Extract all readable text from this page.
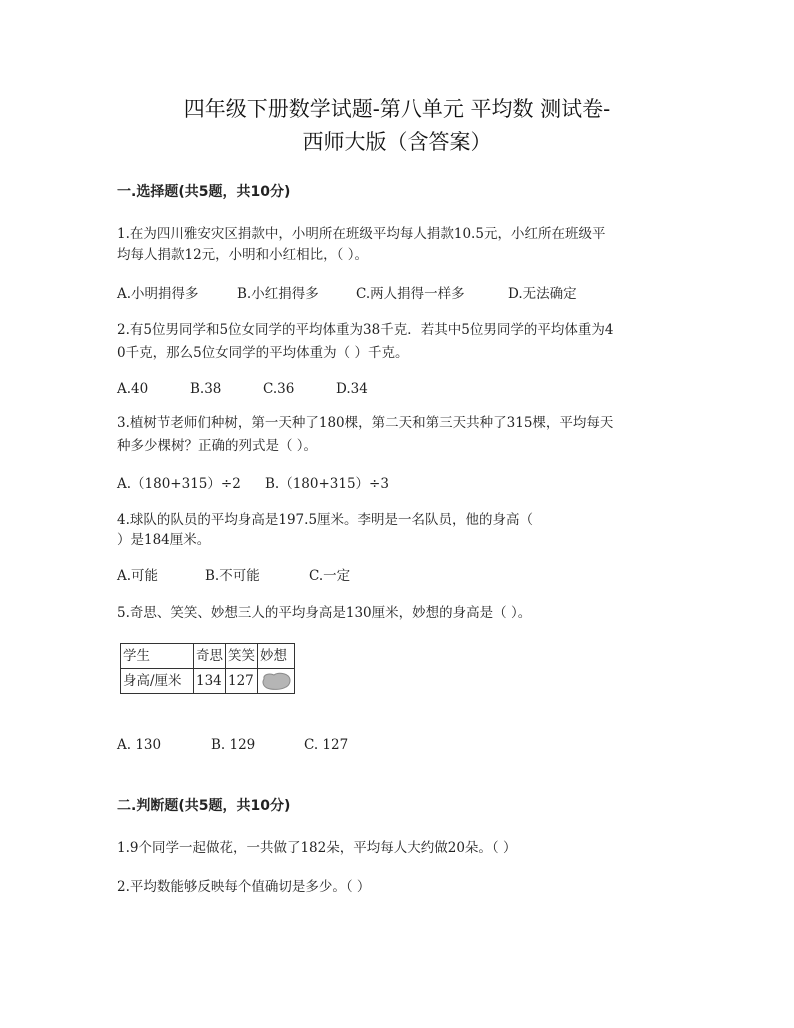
四年级下册数学试题-第八单元 平均数 测试卷-
西师大版（含答案）
一.选择题(共5题，共10分)
1.在为四川雅安灾区捐款中，小明所在班级平均每人捐款10.5元，小红所在班级平
均每人捐款12元，小明和小红相比，（ ）。
A.小明捐得多	B.小红捐得多	C.两人捐得一样多	D.无法确定
2.有5位男同学和5位女同学的平均体重为38千克．若其中5位男同学的平均体重为4
0千克，那么5位女同学的平均体重为（ ）千克。
A.40	B.38	C.36	D.34
3.植树节老师们种树，第一天种了180棵，第二天和第三天共种了315棵，平均每天
种多少棵树？正确的列式是（ ）。
A.（180+315）÷2 B.（180+315）÷3
4.球队的队员的平均身高是197.5厘米。李明是一名队员，他的身高（
）是184厘米。
A.可能	B.不可能	C.一定
5.奇思、笑笑、妙想三人的平均身高是130厘米，妙想的身高是（ ）。
学生	奇思	笑笑	妙想
身高/厘米	134	127	
A. 130	B. 129	C. 127
二.判断题(共5题，共10分)
1.9个同学一起做花，一共做了182朵，平均每人大约做20朵。（ ）
2.平均数能够反映每个值确切是多少。（ ）
